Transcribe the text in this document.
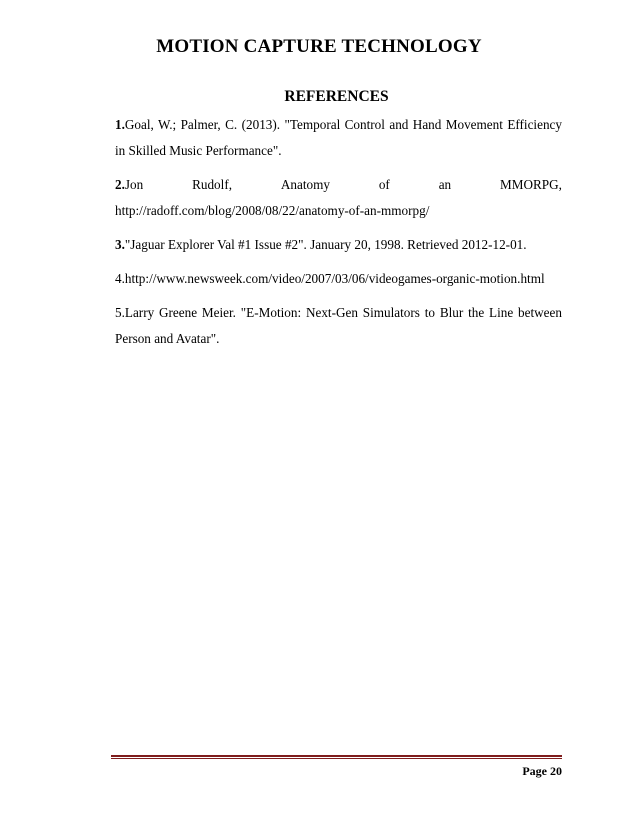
MOTION CAPTURE TECHNOLOGY
REFERENCES

1.Goal, W.; Palmer, C. (2013). "Temporal Control and Hand Movement Efficiency in Skilled Music Performance".

2.Jon	Rudolf,	Anatomy	of	an	MMORPG,
http://radoff.com/blog/2008/08/22/anatomy-of-an-mmorpg/

3."Jaguar Explorer Val #1 Issue #2". January 20, 1998. Retrieved 2012-12-01.

4.http://www.newsweek.com/video/2007/03/06/videogames-organic-motion.html

5.Larry Greene Meier. "E-Motion: Next-Gen Simulators to Blur the Line between Person and Avatar".

Page 20
